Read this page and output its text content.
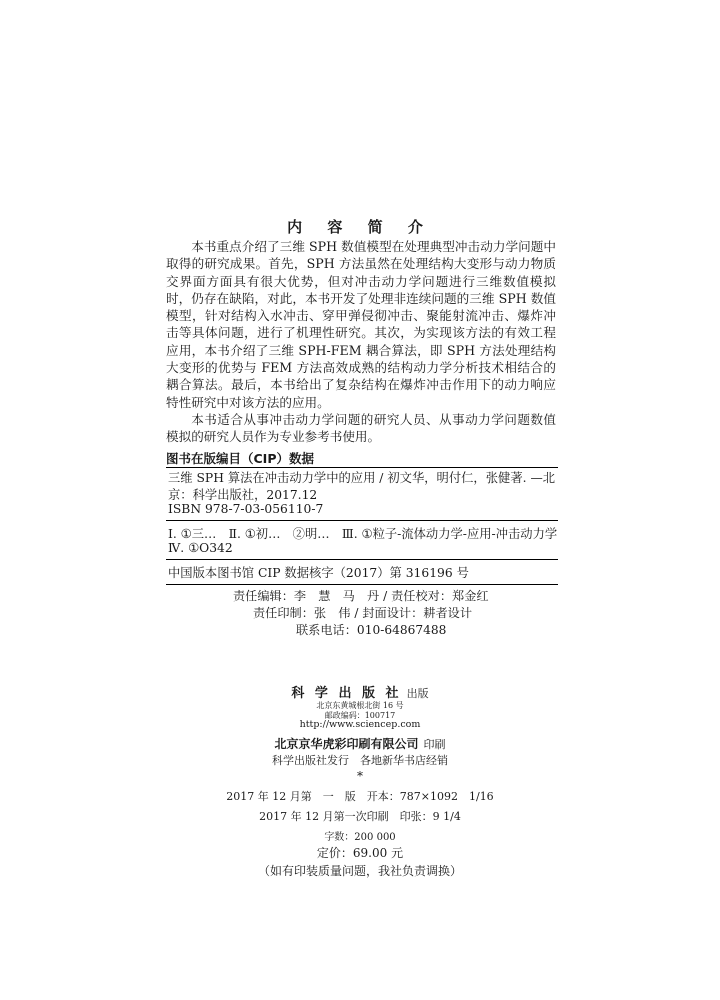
内 容 简 介

本书重点介绍了三维 SPH 数值模型在处理典型冲击动力学问题中取得的研究成果。首先，SPH 方法虽然在处理结构大变形与动力物质交界面方面具有很大优势，但对冲击动力学问题进行三维数值模拟时，仍存在缺陷，对此，本书开发了处理非连续问题的三维 SPH 数值模型，针对结构入水冲击、穿甲弹侵彻冲击、聚能射流冲击、爆炸冲击等具体问题，进行了机理性研究。其次，为实现该方法的有效工程应用，本书介绍了三维 SPH-FEM 耦合算法，即 SPH 方法处理结构大变形的优势与 FEM 方法高效成熟的结构动力学分析技术相结合的耦合算法。最后，本书给出了复杂结构在爆炸冲击作用下的动力响应特性研究中对该方法的应用。

本书适合从事冲击动力学问题的研究人员、从事动力学问题数值模拟的研究人员作为专业参考书使用。

图书在版编目（CIP）数据
三维 SPH 算法在冲击动力学中的应用 / 初文华，明付仁，张健著. —北
京：科学出版社，2017.12
ISBN 978-7-03-056110-7
Ⅰ. ①三…　Ⅱ. ①初…　②明…　Ⅲ. ①粒子-流体动力学-应用-冲击动力学
Ⅳ. ①O342
中国版本图书馆 CIP 数据核字（2017）第 316196 号
责任编辑：李　慧　马　丹 / 责任校对：郑金红
责任印制：张　伟 / 封面设计：耕者设计
联系电话：010-64867488
科 学 出 版 社 出版
北京东黄城根北街 16 号
邮政编码：100717
http://www.sciencep.com
北京京华虎彩印刷有限公司 印刷
科学出版社发行　各地新华书店经销
*
2017 年 12 月第　一　版　开本：787×1092　1/16
2017 年 12 月第一次印刷　印张：9 1/4
字数：200 000
定价：69.00 元
（如有印装质量问题，我社负责调换）
